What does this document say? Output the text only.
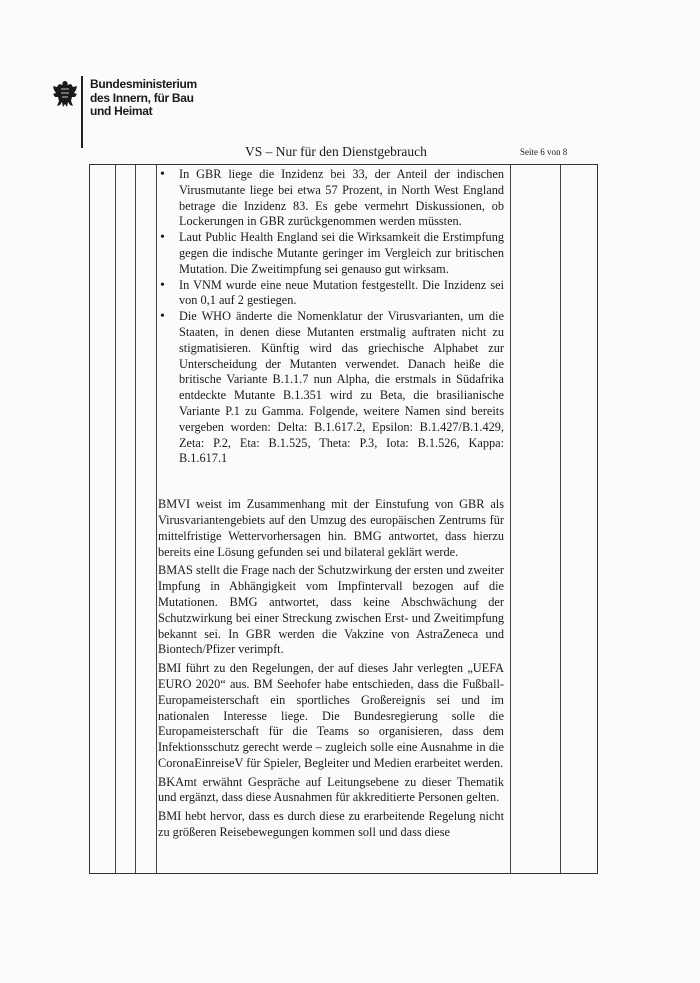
Bundesministerium
des Innern, für Bau
und Heimat
VS – Nur für den Dienstgebrauch	Seite 6 von 8
• In GBR liege die Inzidenz bei 33, der Anteil der indischen Virusmutante liege bei etwa 57 Prozent, in North West England betrage die Inzidenz 83. Es gebe vermehrt Diskussionen, ob Lockerungen in GBR zurückgenommen werden müssten.
• Laut Public Health England sei die Wirksamkeit die Erstimpfung gegen die indische Mutante geringer im Vergleich zur britischen Mutation. Die Zweitimpfung sei genauso gut wirksam.
• In VNM wurde eine neue Mutation festgestellt. Die Inzidenz sei von 0,1 auf 2 gestiegen.
• Die WHO änderte die Nomenklatur der Virusvarianten, um die Staaten, in denen diese Mutanten erstmalig auftraten nicht zu stigmatisieren. Künftig wird das griechische Alphabet zur Unterscheidung der Mutanten verwendet. Danach heiße die britische Variante B.1.1.7 nun Alpha, die erstmals in Südafrika entdeckte Mutante B.1.351 wird zu Beta, die brasilianische Variante P.1 zu Gamma. Folgende, weitere Namen sind bereits vergeben worden: Delta: B.1.617.2, Epsilon: B.1.427/B.1.429, Zeta: P.2, Eta: B.1.525, Theta: P.3, Iota: B.1.526, Kappa: B.1.617.1

BMVI weist im Zusammenhang mit der Einstufung von GBR als Virusvariantengebiets auf den Umzug des europäischen Zentrums für mittelfristige Wettervorhersagen hin. BMG antwortet, dass hierzu bereits eine Lösung gefunden sei und bilateral geklärt werde.

BMAS stellt die Frage nach der Schutzwirkung der ersten und zweiter Impfung in Abhängigkeit vom Impfintervall bezogen auf die Mutationen. BMG antwortet, dass keine Abschwächung der Schutzwirkung bei einer Streckung zwischen Erst- und Zweitimpfung bekannt sei. In GBR werden die Vakzine von AstraZeneca und Biontech/Pfizer verimpft.

BMI führt zu den Regelungen, der auf dieses Jahr verlegten „UEFA EURO 2020“ aus. BM Seehofer habe entschieden, dass die Fußball-Europameisterschaft ein sportliches Großereignis sei und im nationalen Interesse liege. Die Bundesregierung solle die Europameisterschaft für die Teams so organisieren, dass dem Infektionsschutz gerecht werde – zugleich solle eine Ausnahme in die CoronaEinreiseV für Spieler, Begleiter und Medien erarbeitet werden.

BKAmt erwähnt Gespräche auf Leitungsebene zu dieser Thematik und ergänzt, dass diese Ausnahmen für akkreditierte Personen gelten.

BMI hebt hervor, dass es durch diese zu erarbeitende Regelung nicht zu größeren Reisebewegungen kommen soll und dass diese
